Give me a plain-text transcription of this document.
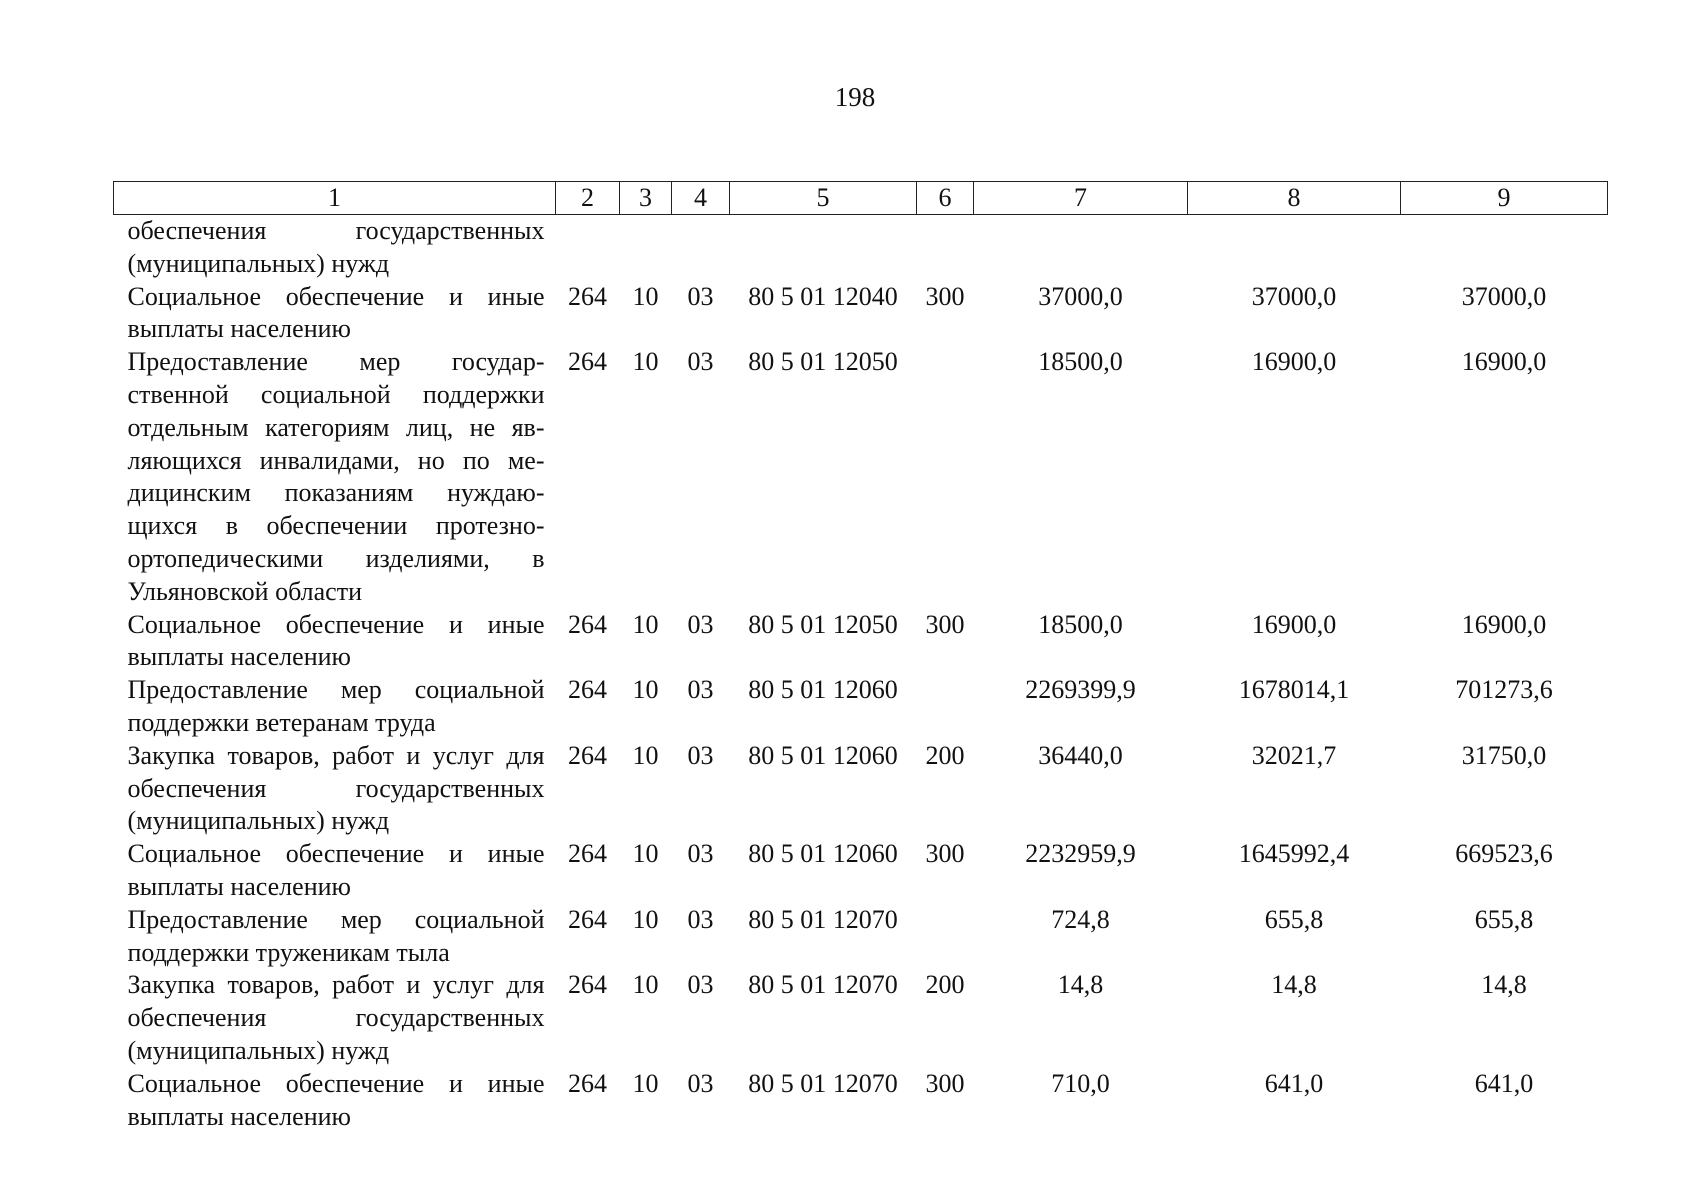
198
1	2	3	4	5	6	7	8	9
обеспечения государственных (муниципальных) нужд								
Социальное обеспечение и иные выплаты населению	264	10	03	80 5 01 12040	300	37000,0	37000,0	37000,0
Предоставление мер государственной социальной поддержки отдельным категориям лиц, не являющихся инвалидами, но по медицинским показаниям нуждающихся в обеспечении протезно-ортопедическими изделиями, в Ульяновской области	264	10	03	80 5 01 12050		18500,0	16900,0	16900,0
Социальное обеспечение и иные выплаты населению	264	10	03	80 5 01 12050	300	18500,0	16900,0	16900,0
Предоставление мер социальной поддержки ветеранам труда	264	10	03	80 5 01 12060		2269399,9	1678014,1	701273,6
Закупка товаров, работ и услуг для обеспечения государственных (муниципальных) нужд	264	10	03	80 5 01 12060	200	36440,0	32021,7	31750,0
Социальное обеспечение и иные выплаты населению	264	10	03	80 5 01 12060	300	2232959,9	1645992,4	669523,6
Предоставление мер социальной поддержки труженикам тыла	264	10	03	80 5 01 12070		724,8	655,8	655,8
Закупка товаров, работ и услуг для обеспечения государственных (муниципальных) нужд	264	10	03	80 5 01 12070	200	14,8	14,8	14,8
Социальное обеспечение и иные выплаты населению	264	10	03	80 5 01 12070	300	710,0	641,0	641,0
